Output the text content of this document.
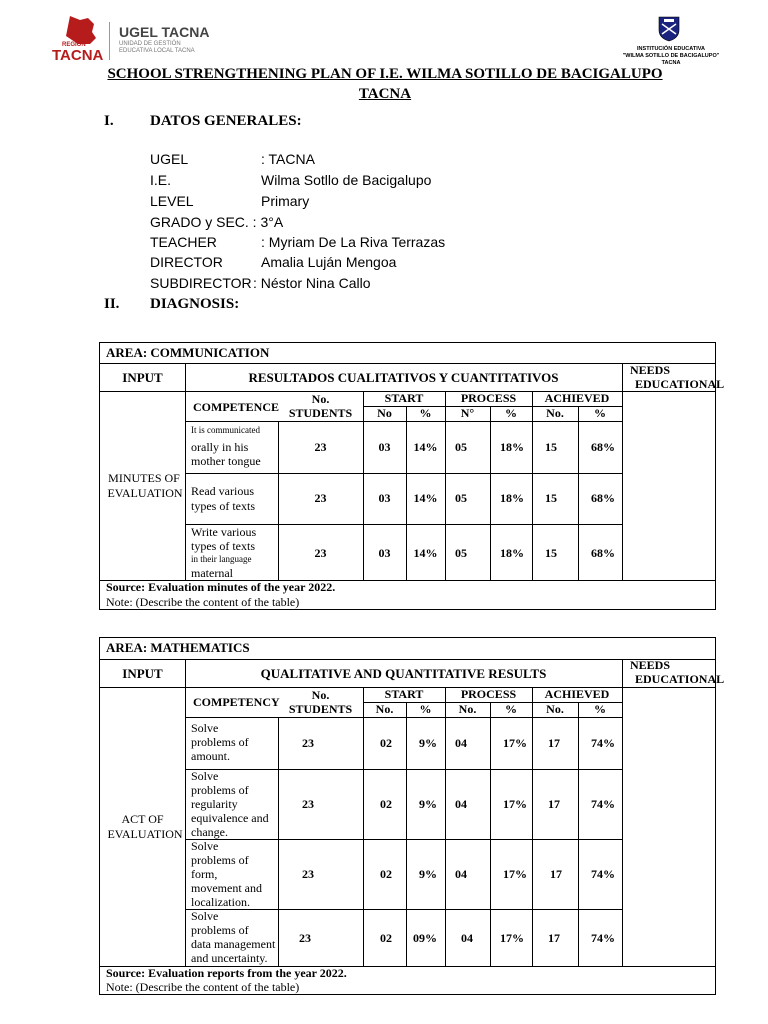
REGIÓN
TACNA
UGEL TACNA
UNIDAD DE GESTIÓN
EDUCATIVA LOCAL TACNA	INSTITUCIÓN EDUCATIVA
"WILMA SOTILLO DE BACIGALUPO"
TACNA
SCHOOL STRENGTHENING PLAN OF I.E. WILMA SOTILLO DE BACIGALUPO
TACNA
I. DATOS GENERALES:
UGEL	: TACNA
I.E.	Wilma Sotllo de Bacigalupo
LEVEL	Primary
GRADO y SEC. : 3°A
TEACHER	: Myriam De La Riva Terrazas
DIRECTOR	Amalia Luján Mengoa
SUBDIRECTOR : Néstor Nina Callo
II. DIAGNOSIS:
AREA: COMMUNICATION
INPUT	RESULTADOS CUALITATIVOS Y CUANTITATIVOS	NEEDS
EDUCATIONAL
COMPETENCE
No.
STUDENTS
START	PROCESS	ACHIEVED
No	%	N°	%	No.	%
MINUTES OF
EVALUATION
It is communicated
orally in his
mother tongue
23	03	14%	05	18% 15	68%
Read various
types of texts
23	03	14%	05	18% 15	68%
Write various
types of texts
in their language
maternal
23	03	14%	05	18% 15	68%
Source: Evaluation minutes of the year 2022.
Note: (Describe the content of the table)
AREA: MATHEMATICS
INPUT	QUALITATIVE AND QUANTITATIVE RESULTS
NEEDS
EDUCATIONAL
COMPETENCY	No.
STUDENTS
START	PROCESS	ACHIEVED
No.	%	No.	%	No.	%
ACT OF
EVALUATION
Solve
problems of
amount.
23	02 9% 04	17% 17	74%
Solve
problems of
regularity
equivalence and
change.
23	02 9% 04	17% 17	74%
Solve
problems of
form,
movement and
localization.
23	02 9% 04	17% 17 74%
Solve
problems of
data management
and uncertainty.
23	02 09% 04 17% 17	74%
Source: Evaluation reports from the year 2022.
Note: (Describe the content of the table)
